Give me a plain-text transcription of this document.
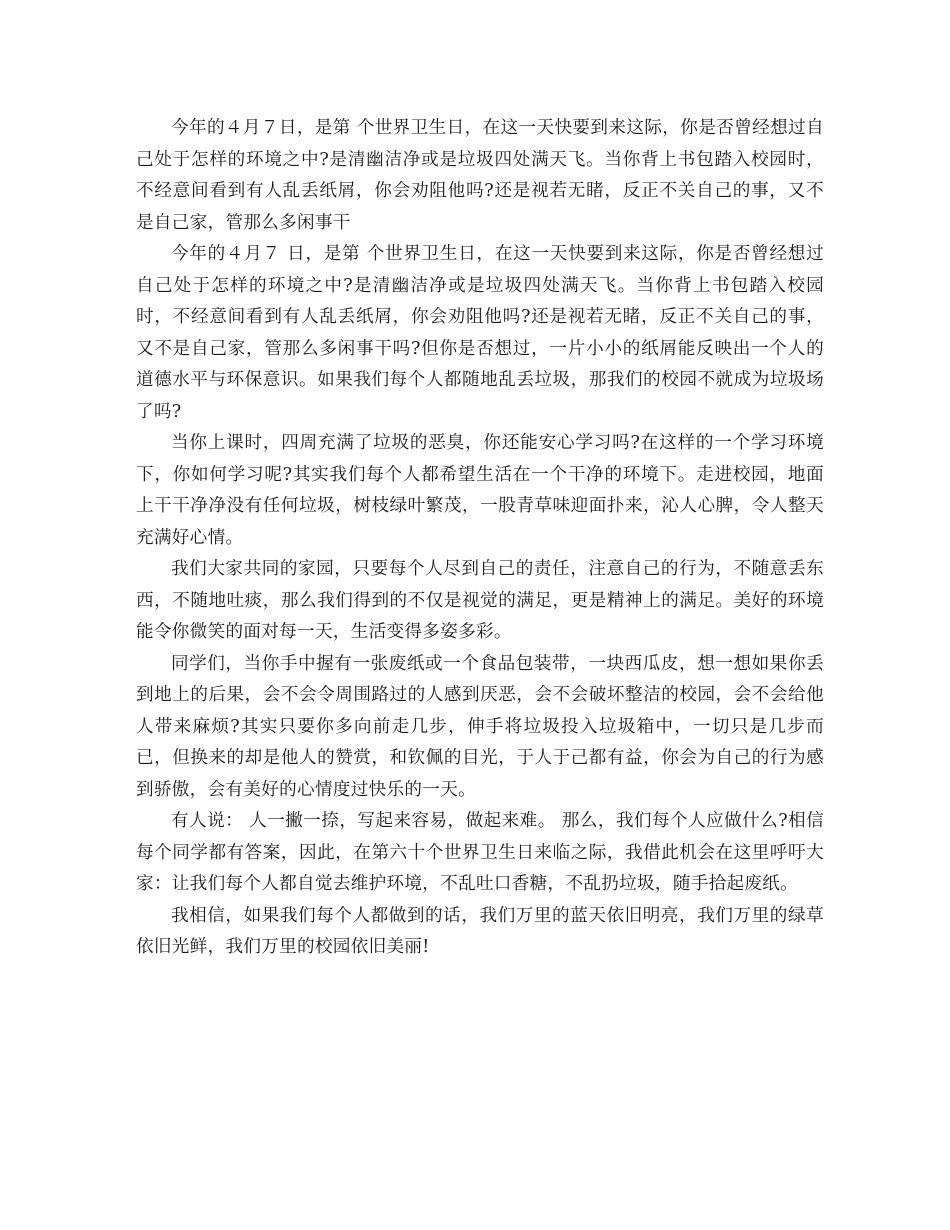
今年的４月７日，是第 个世界卫生日，在这一天快要到来这际，你是否曾经想过自己处于怎样的环境之中?是清幽洁净或是垃圾四处满天飞。当你背上书包踏入校园时，不经意间看到有人乱丢纸屑，你会劝阻他吗?还是视若无睹，反正不关自己的事，又不是自己家，管那么多闲事干

今年的４月７ 日，是第 个世界卫生日，在这一天快要到来这际，你是否曾经想过自己处于怎样的环境之中?是清幽洁净或是垃圾四处满天飞。当你背上书包踏入校园时，不经意间看到有人乱丢纸屑，你会劝阻他吗?还是视若无睹，反正不关自己的事，又不是自己家，管那么多闲事干吗?但你是否想过，一片小小的纸屑能反映出一个人的道德水平与环保意识。如果我们每个人都随地乱丢垃圾，那我们的校园不就成为垃圾场了吗?

当你上课时，四周充满了垃圾的恶臭，你还能安心学习吗?在这样的一个学习环境下，你如何学习呢?其实我们每个人都希望生活在一个干净的环境下。走进校园，地面上干干净净没有任何垃圾，树枝绿叶繁茂，一股青草味迎面扑来，沁人心脾，令人整天充满好心情。

我们大家共同的家园，只要每个人尽到自己的责任，注意自己的行为，不随意丢东西，不随地吐痰，那么我们得到的不仅是视觉的满足，更是精神上的满足。美好的环境能令你微笑的面对每一天，生活变得多姿多彩。

同学们，当你手中握有一张废纸或一个食品包装带，一块西瓜皮，想一想如果你丢到地上的后果，会不会令周围路过的人感到厌恶，会不会破坏整洁的校园，会不会给他人带来麻烦?其实只要你多向前走几步，伸手将垃圾投入垃圾箱中，一切只是几步而已，但换来的却是他人的赞赏，和钦佩的目光，于人于己都有益，你会为自己的行为感到骄傲，会有美好的心情度过快乐的一天。

有人说： 人一撇一捺，写起来容易，做起来难。 那么，我们每个人应做什么?相信每个同学都有答案，因此，在第六十个世界卫生日来临之际，我借此机会在这里呼吁大家：让我们每个人都自觉去维护环境，不乱吐口香糖，不乱扔垃圾，随手拾起废纸。

我相信，如果我们每个人都做到的话，我们万里的蓝天依旧明亮，我们万里的绿草依旧光鲜，我们万里的校园依旧美丽!
